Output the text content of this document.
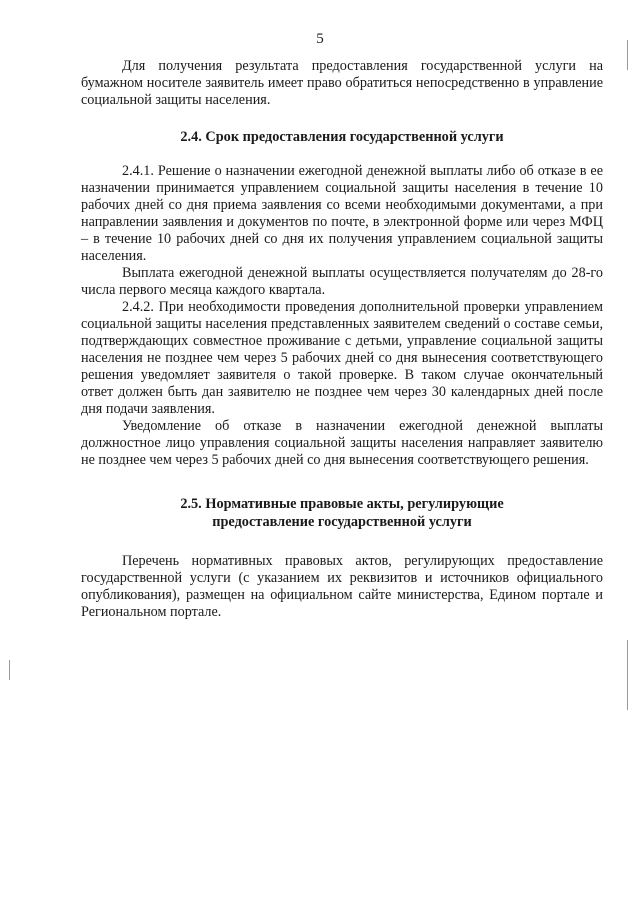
5

Для получения результата предоставления государственной услуги на бумажном носителе заявитель имеет право обратиться непосредственно в управление социальной защиты населения.

2.4. Срок предоставления государственной услуги

2.4.1. Решение о назначении ежегодной денежной выплаты либо об отказе в ее назначении принимается управлением социальной защиты населения в течение 10 рабочих дней со дня приема заявления со всеми необходимыми документами, а при направлении заявления и документов по почте, в электронной форме или через МФЦ – в течение 10 рабочих дней со дня их получения управлением социальной защиты населения.

Выплата ежегодной денежной выплаты осуществляется получателям до 28-го числа первого месяца каждого квартала.

2.4.2. При необходимости проведения дополнительной проверки управлением социальной защиты населения представленных заявителем сведений о составе семьи, подтверждающих совместное проживание с детьми, управление социальной защиты населения не позднее чем через 5 рабочих дней со дня вынесения соответствующего решения уведомляет заявителя о такой проверке. В таком случае окончательный ответ должен быть дан заявителю не позднее чем через 30 календарных дней после дня подачи заявления.

Уведомление об отказе в назначении ежегодной денежной выплаты должностное лицо управления социальной защиты населения направляет заявителю не позднее чем через 5 рабочих дней со дня вынесения соответствующего решения.

2.5. Нормативные правовые акты, регулирующие
предоставление государственной услуги

Перечень нормативных правовых актов, регулирующих предоставление государственной услуги (с указанием их реквизитов и источников официального опубликования), размещен на официальном сайте министерства, Едином портале и Региональном портале.
